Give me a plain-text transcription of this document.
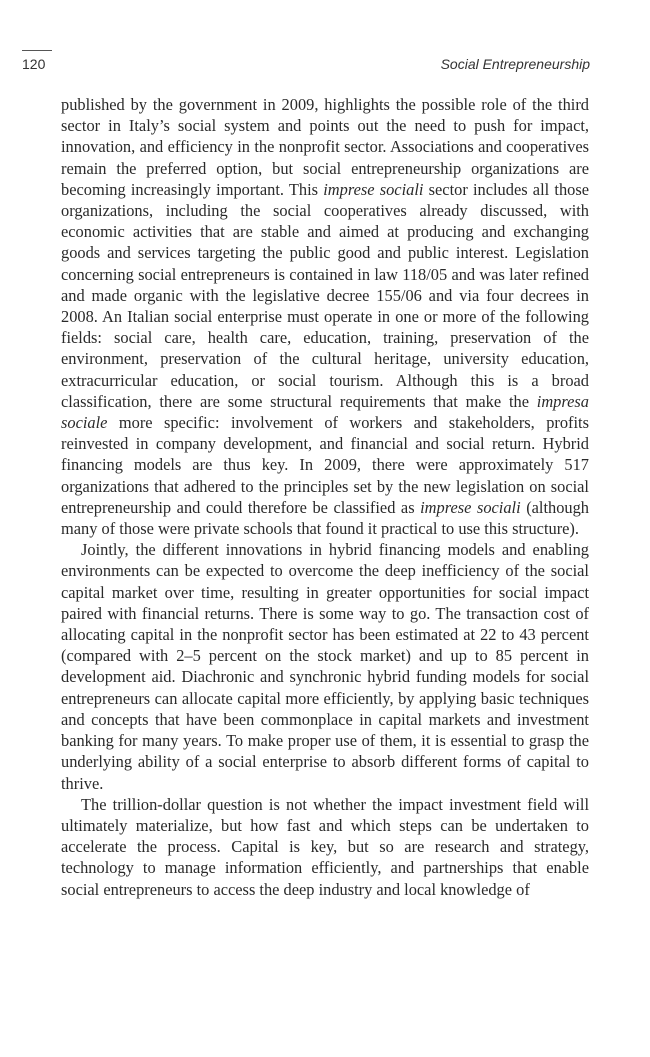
120	Social Entrepreneurship

published by the government in 2009, highlights the possible role of the third sector in Italy’s social system and points out the need to push for impact, innovation, and efficiency in the nonprofit sector. Associations and cooperatives remain the preferred option, but social entrepreneurship organizations are becoming increasingly important. This imprese sociali sector includes all those organizations, including the social cooperatives already discussed, with economic activities that are stable and aimed at producing and exchanging goods and services targeting the public good and public interest. Legislation concerning social entrepreneurs is contained in law 118/05 and was later refined and made organic with the legislative decree 155/06 and via four decrees in 2008. An Italian social enterprise must operate in one or more of the following fields: social care, health care, education, training, preservation of the environment, preservation of the cultural heritage, university education, extracurricular education, or social tourism. Although this is a broad classification, there are some structural requirements that make the impresa sociale more specific: involvement of workers and stakeholders, profits reinvested in company development, and financial and social return. Hybrid financing models are thus key. In 2009, there were approximately 517 organizations that adhered to the principles set by the new legislation on social entrepreneurship and could therefore be classified as imprese sociali (although many of those were private schools that found it practical to use this structure).

Jointly, the different innovations in hybrid financing models and enabling environments can be expected to overcome the deep inefficiency of the social capital market over time, resulting in greater opportunities for social impact paired with financial returns. There is some way to go. The transaction cost of allocating capital in the nonprofit sector has been estimated at 22 to 43 percent (compared with 2–5 percent on the stock market) and up to 85 percent in development aid. Diachronic and synchronic hybrid funding models for social entrepreneurs can allocate capital more efficiently, by applying basic techniques and concepts that have been commonplace in capital markets and investment banking for many years. To make proper use of them, it is essential to grasp the underlying ability of a social enterprise to absorb different forms of capital to thrive.

The trillion-dollar question is not whether the impact investment field will ultimately materialize, but how fast and which steps can be undertaken to accelerate the process. Capital is key, but so are research and strategy, technology to manage information efficiently, and partnerships that enable social entrepreneurs to access the deep industry and local knowledge of
